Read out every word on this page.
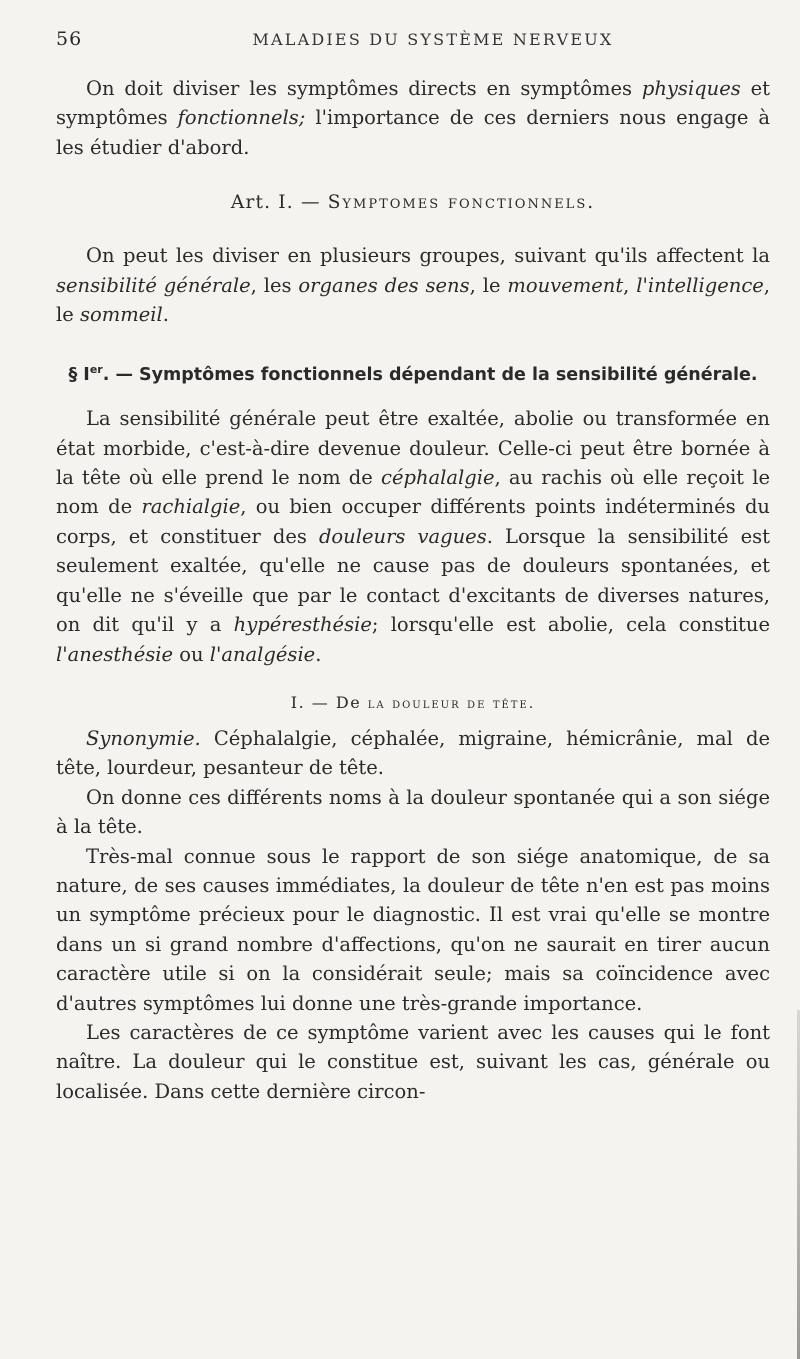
56	MALADIES DU SYSTÈME NERVEUX

On doit diviser les symptômes directs en symptômes physiques et symptômes fonctionnels; l'importance de ces derniers nous engage à les étudier d'abord.

Art. I. — Symptomes fonctionnels.

On peut les diviser en plusieurs groupes, suivant qu'ils affectent la sensibilité générale, les organes des sens, le mouvement, l'intelligence, le sommeil.

§ Ier. — Symptômes fonctionnels dépendant de la sensibilité générale.

La sensibilité générale peut être exaltée, abolie ou transformée en état morbide, c'est-à-dire devenue douleur. Celle-ci peut être bornée à la tête où elle prend le nom de céphalalgie, au rachis où elle reçoit le nom de rachialgie, ou bien occuper différents points indéterminés du corps, et constituer des douleurs vagues. Lorsque la sensibilité est seulement exaltée, qu'elle ne cause pas de douleurs spontanées, et qu'elle ne s'éveille que par le contact d'excitants de diverses natures, on dit qu'il y a hypéresthésie; lorsqu'elle est abolie, cela constitue l'anesthésie ou l'analgésie.

I. — De la douleur de tête.

Synonymie. Céphalalgie, céphalée, migraine, hémicrânie, mal de tête, lourdeur, pesanteur de tête.

On donne ces différents noms à la douleur spontanée qui a son siége à la tête.

Très-mal connue sous le rapport de son siége anatomique, de sa nature, de ses causes immédiates, la douleur de tête n'en est pas moins un symptôme précieux pour le diagnostic. Il est vrai qu'elle se montre dans un si grand nombre d'affections, qu'on ne saurait en tirer aucun caractère utile si on la considérait seule; mais sa coïncidence avec d'autres symptômes lui donne une très-grande importance.

Les caractères de ce symptôme varient avec les causes qui le font naître. La douleur qui le constitue est, suivant les cas, générale ou localisée. Dans cette dernière circon-
